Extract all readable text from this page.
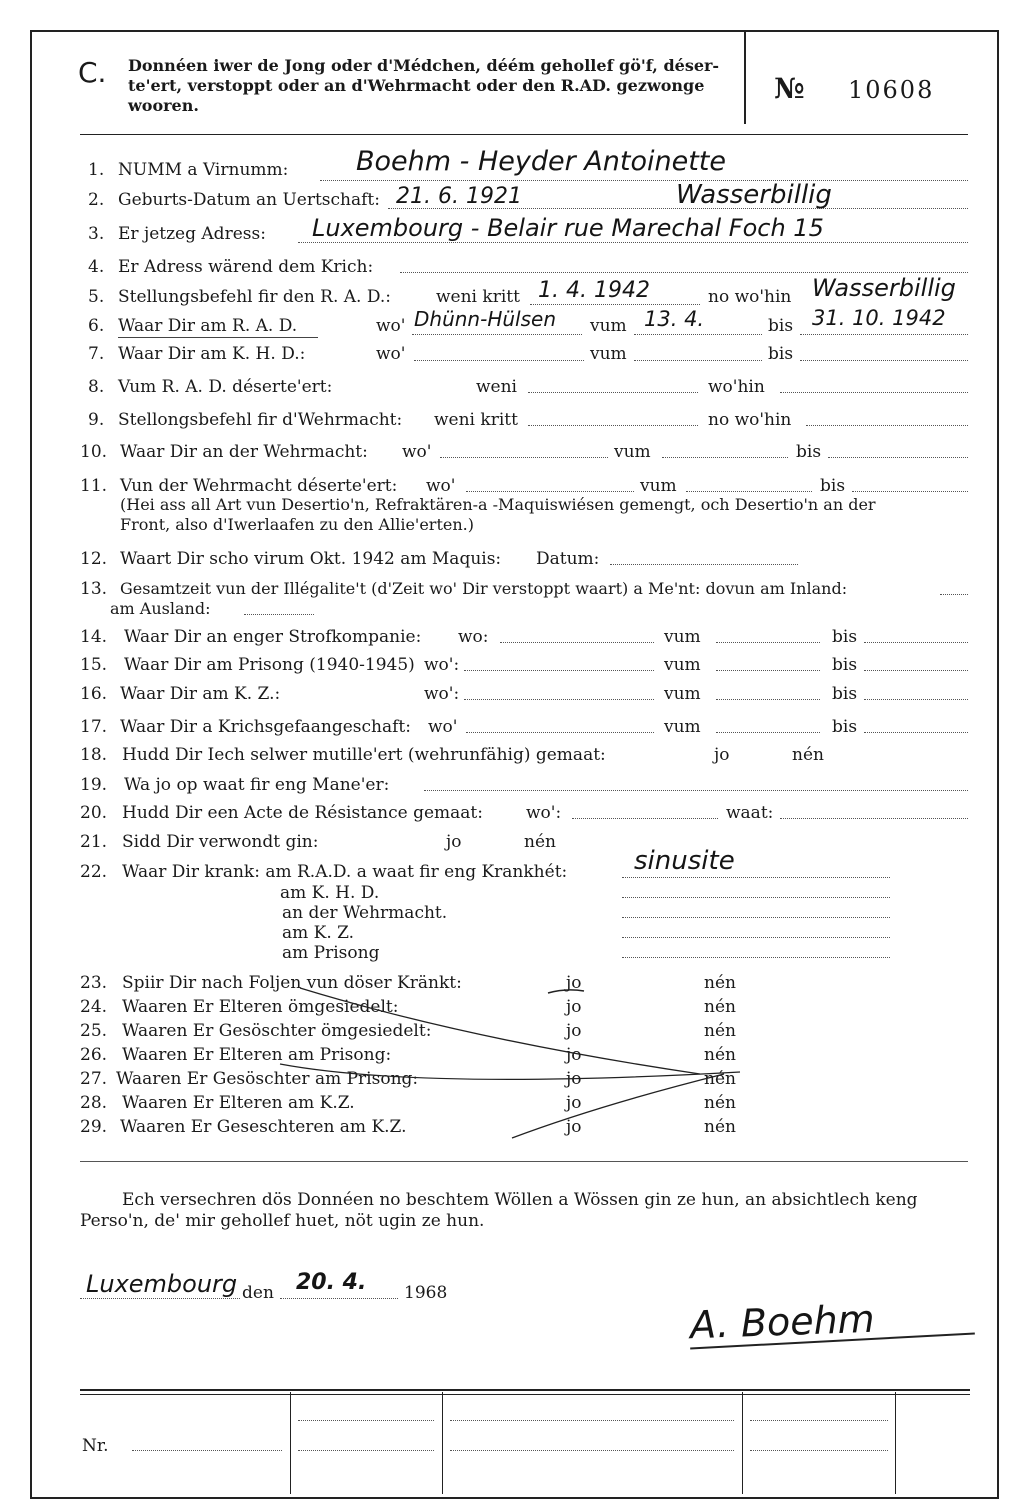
C. Donnéen iwer de Jong oder d'Médchen, déém gehollef gö'f, déser-
te'ert, verstoppt oder an d'Wehrmacht oder den R.AD. gezwonge
wooren.
№ 10608
1. NUMM a Virnumm:	Boehm - Heyder Antoinette
2. Geburts-Datum an Uertschaft: 21. 6. 1921	Wasserbillig
3. Er jetzeg Adress: Luxembourg - Belair rue Marechal Foch 15
4. Er Adress wärend dem Krich:
5. Stellungsbefehl fir den R. A. D.:	weni kritt 1. 4. 1942	no wo'hin Wasserbillig
6. Waar Dir am R. A. D.	wo' Dhünn-Hülsen vum 13. 4.	bis 31. 10. 1942
7. Waar Dir am K. H. D.:	wo'	vum	bis
8. Vum R. A. D. déserte'ert:	weni	wo'hin
9. Stellongsbefehl fir d'Wehrmacht: weni kritt	no wo'hin
10. Waar Dir an der Wehrmacht: wo'	vum	bis
11. Vun der Wehrmacht déserte'ert: wo'	vum	bis
(Hei ass all Art vun Desertio'n, Refraktären-a -Maquiswiésen gemengt, och Desertio'n an der
Front, also d'Iwerlaafen zu den Allie'erten.)
12. Waart Dir scho virum Okt. 1942 am Maquis: Datum:
13. Gesamtzeit vun der Illégalite't (d'Zeit wo' Dir verstoppt waart) a Me'nt: dovun am Inland:
am Ausland:
14. Waar Dir an enger Strofkompanie: wo:	vum	bis
15. Waar Dir am Prisong (1940-1945) wo':	vum	bis
16. Waar Dir am K. Z.:	wo':	vum	bis
17. Waar Dir a Krichsgefaangeschaft: wo'	vum	bis
18. Hudd Dir Iech selwer mutille'ert (wehrunfähig) gemaat:	jo	nén
19. Wa jo op waat fir eng Mane'er:
20. Hudd Dir een Acte de Résistance gemaat:	wo':	waat:
21. Sidd Dir verwondt gin:	jo	nén
22. Waar Dir krank: am R.A.D. a waat fir eng Krankhét:	sinusite
am K. H. D.
an der Wehrmacht.
am K. Z.
am Prisong
23. Spiir Dir nach Foljen vun döser Kränkt:	jo	nén
24. Waaren Er Elteren ömgesiedelt:	jo	nén
25. Waaren Er Gesöschter ömgesiedelt:	jo	nén
26. Waaren Er Elteren am Prisong:	jo	nén
27. Waaren Er Gesöschter am Prisong:	jo	nén
28. Waaren Er Elteren am K.Z.	jo	nén
29. Waaren Er Geseschteren am K.Z.	jo	nén
Ech versechren dös Donnéen no beschtem Wöllen a Wössen gin ze hun, an absichtlech keng
Perso'n, de' mir gehollef huet, nöt ugin ze hun.
Luxembourg den 20. 4. 1968
A. Boehm
Nr.
